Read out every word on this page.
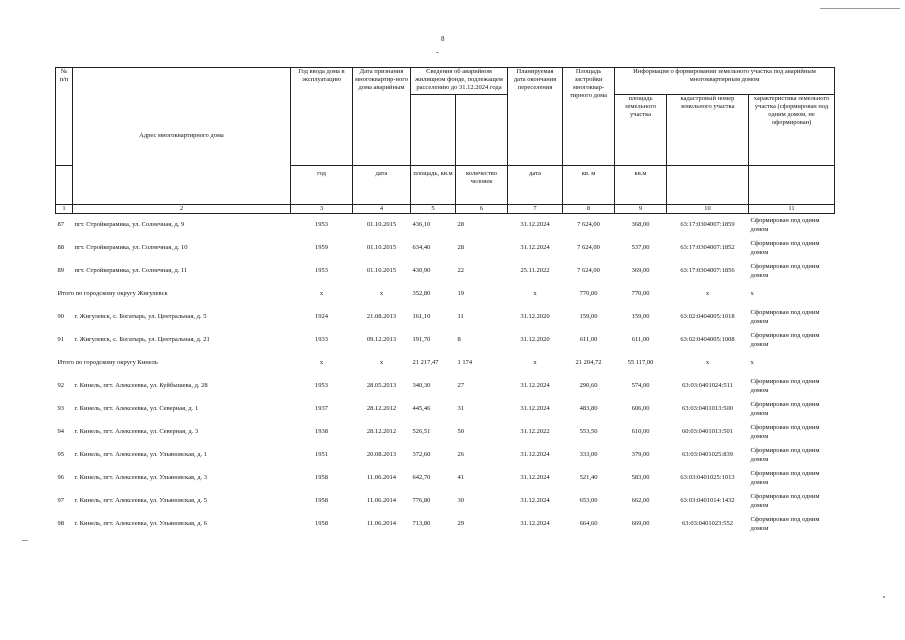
8
№
п/п	Адрес многоквартирного дома	Год ввода дома в эксплуатацию	Дата признания многоквартир-ного дома аварийным	Сведения об аварийном жилищном фонде, подлежащем расселению до 31.12.2024 года		Планируемая дата окончания переселения	Площадь застройки многоквар-тирного дома	Информация о формировании земельного участка под аварийным многоквартирным домом		
								площадь земельного участка	кадастровый номер земельного участка	характеристика земельного участка (сформирован под одним домом, не оформирован)

		год	дата	площадь, кв.м	количество человек	дата	кв. м	кв.м		
1	2	3	4	5	6	7	8	9	10	11
87	пгт. Стройкерамика, ул. Солнечная, д. 9	1953	01.10.2015	436,10	28	31.12.2024	7 624,00	368,00	63:17:0304007:1859	Сформирован под одним домом
88	пгт. Стройкерамика, ул. Солнечная, д. 10	1959	01.10.2015	634,40	28	31.12.2024	7 624,00	537,00	63:17:0304007:1852	Сформирован под одним домом
89	пгт. Стройкерамика, ул. Солнечная, д. 11	1953	01.10.2015	430,90	22	25.11.2022	7 624,00	369,00	63:17:0304007:1856	Сформирован под одним домом
Итого по городскому округу Жигулевск		х	х	352,80	19	х	770,00	770,00	х	х
90	г. Жигулевск, с. Богатырь, ул. Центральная, д. 5	1924	21.08.2013	161,10	11	31.12.2020	159,00	159,00	63:02:0404005:1018	Сформирован под одним домом
91	г. Жигулевск, с. Богатырь, ул. Центральная, д. 21	1933	09.12.2013	191,70	8	31.12.2020	611,00	611,00	63:02:0404005:1008	Сформирован под одним домом
Итого по городскому округу Кинель		х	х	21 217,47	1 174	х	21 204,72	55 117,00	х	х
92	г. Кинель, пгт. Алексеевка, ул. Куйбышева, д. 28	1953	28.05.2013	340,30	27	31.12.2024	290,60	574,00	63:03:0401024:511	Сформирован под одним домом
93	г. Кинель, пгт. Алексеевка, ул. Северная, д. 1	1937	28.12.2012	445,46	31	31.12.2024	483,80	606,00	63:03:0401013:500	Сформирован под одним домом
94	г. Кинель, пгт. Алексеевка, ул. Северная, д. 3	1938	28.12.2012	526,51	50	31.12.2022	553,50	610,00	60:03:0401013:501	Сформирован под одним домом
95	г. Кинель, пгт. Алексеевка, ул. Ульяновская, д. 1	1951	20.08.2013	372,60	26	31.12.2024	333,00	379,00	63:03:0401025:839	Сформирован под одним домом
96	г. Кинель, пгт. Алексеевка, ул. Ульяновская, д. 3	1958	11.06.2014	642,70	41	31.12.2024	521,40	583,00	63:03:0401025:1013	Сформирован под одним домом
97	г. Кинель, пгт. Алексеевка, ул. Ульяновская, д. 5	1958	11.06.2014	776,80	30	31.12.2024	653,00	662,00	63:03:0401014:1432	Сформирован под одним домом
98	г. Кинель, пгт. Алексеевка, ул. Ульяновская, д. 6	1958	11.06.2014	713,80	29	31.12.2024	664,60	669,00	63:03:0401023:552	Сформирован под одним домом
